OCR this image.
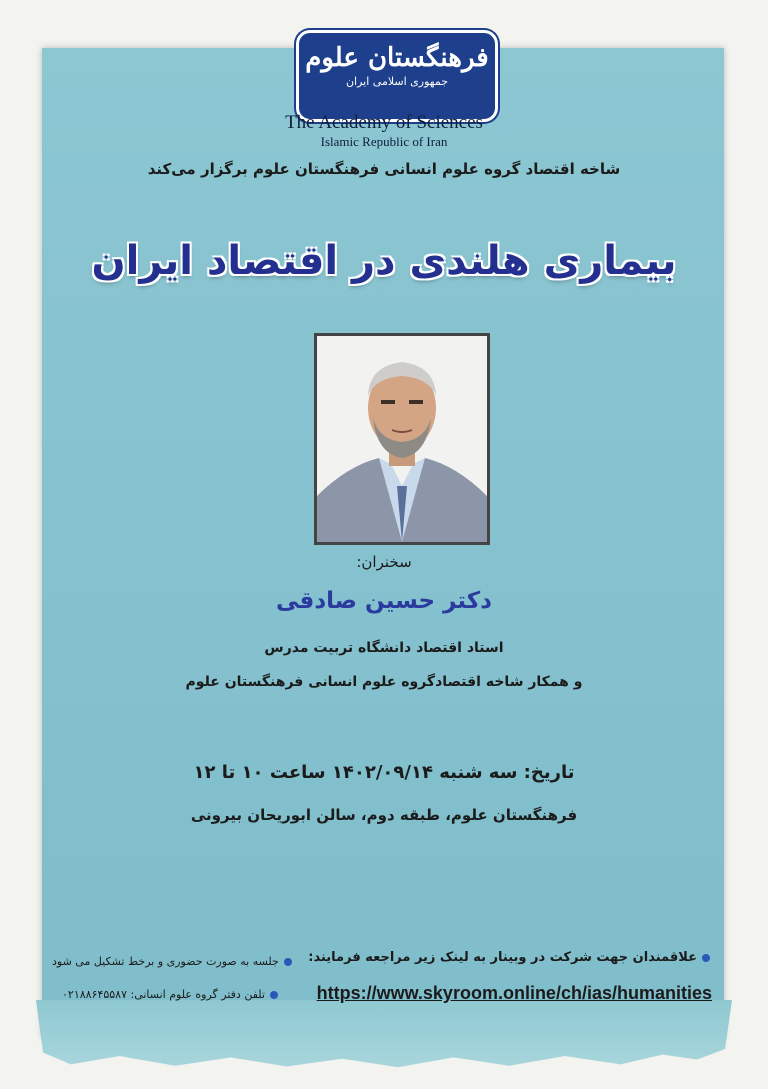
فرهنگستان علوم
جمهوری اسلامی ایران
The Academy of Sciences
Islamic Republic of Iran
شاخه اقتصاد گروه علوم انسانی فرهنگستان علوم برگزار می‌کند
بیماری هلندی در اقتصاد ایران
سخنران:
دکتر حسین صادقی
استاد اقتصاد دانشگاه تربیت مدرس
و همکار شاخه اقتصادگروه علوم انسانی فرهنگستان علوم
تاریخ: سه شنبه ۱۴۰۲/۰۹/۱۴ ساعت ۱۰ تا ۱۲
فرهنگستان علوم، طبقه دوم، سالن ابوریحان بیرونی
جلسه به صورت حضوری و برخط تشکیل می شود
تلفن دفتر گروه علوم انسانی: ۰۲۱۸۸۶۴۵۵۸۷
علاقمندان جهت شرکت در وبینار به لینک زیر مراجعه فرمایند:
https://www.skyroom.online/ch/ias/humanities
